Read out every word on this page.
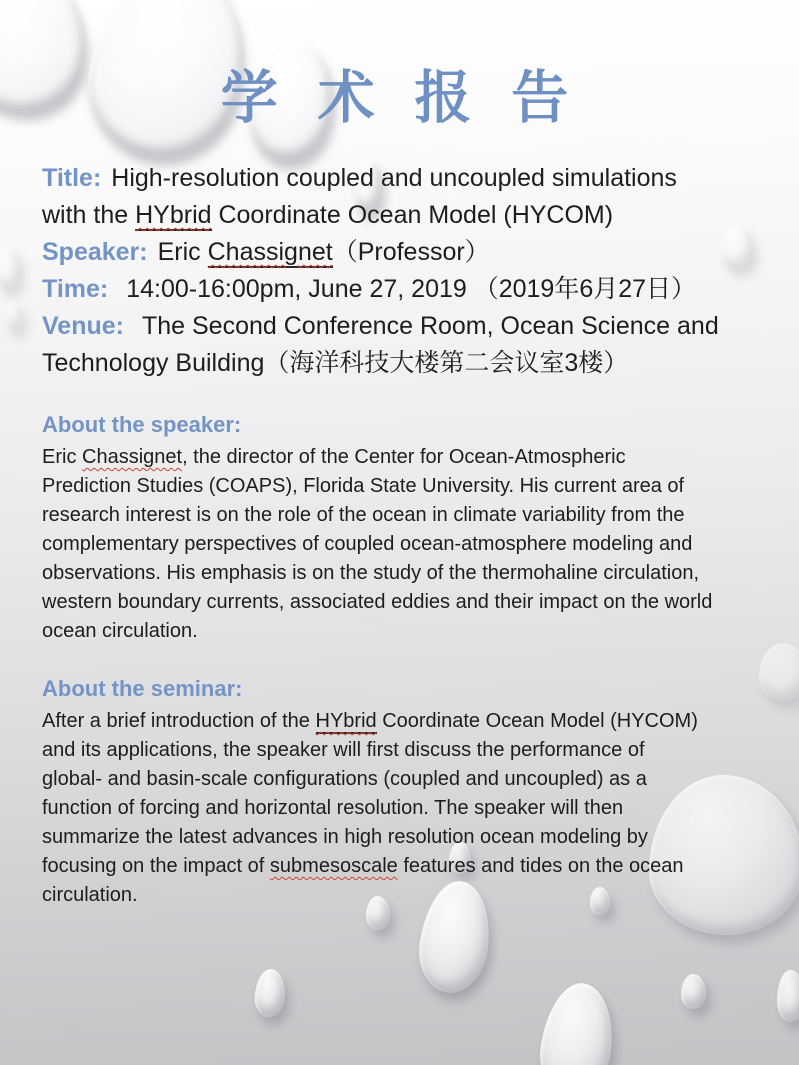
学 术 报 告
Title: High-resolution coupled and uncoupled simulations
with the HYbrid Coordinate Ocean Model (HYCOM)
Speaker: Eric Chassignet（Professor）
Time: 14:00-16:00pm, June 27, 2019 （2019年6月27日）
Venue: The Second Conference Room, Ocean Science and
Technology Building（海洋科技大楼第二会议室3楼）
About the speaker:
Eric Chassignet, the director of the Center for Ocean-Atmospheric
Prediction Studies (COAPS), Florida State University. His current area of
research interest is on the role of the ocean in climate variability from the
complementary perspectives of coupled ocean-atmosphere modeling and
observations. His emphasis is on the study of the thermohaline circulation,
western boundary currents, associated eddies and their impact on the world
ocean circulation.
About the seminar:
After a brief introduction of the HYbrid Coordinate Ocean Model (HYCOM)
and its applications, the speaker will first discuss the performance of
global- and basin-scale configurations (coupled and uncoupled) as a
function of forcing and horizontal resolution. The speaker will then
summarize the latest advances in high resolution ocean modeling by
focusing on the impact of submesoscale features and tides on the ocean
circulation.
